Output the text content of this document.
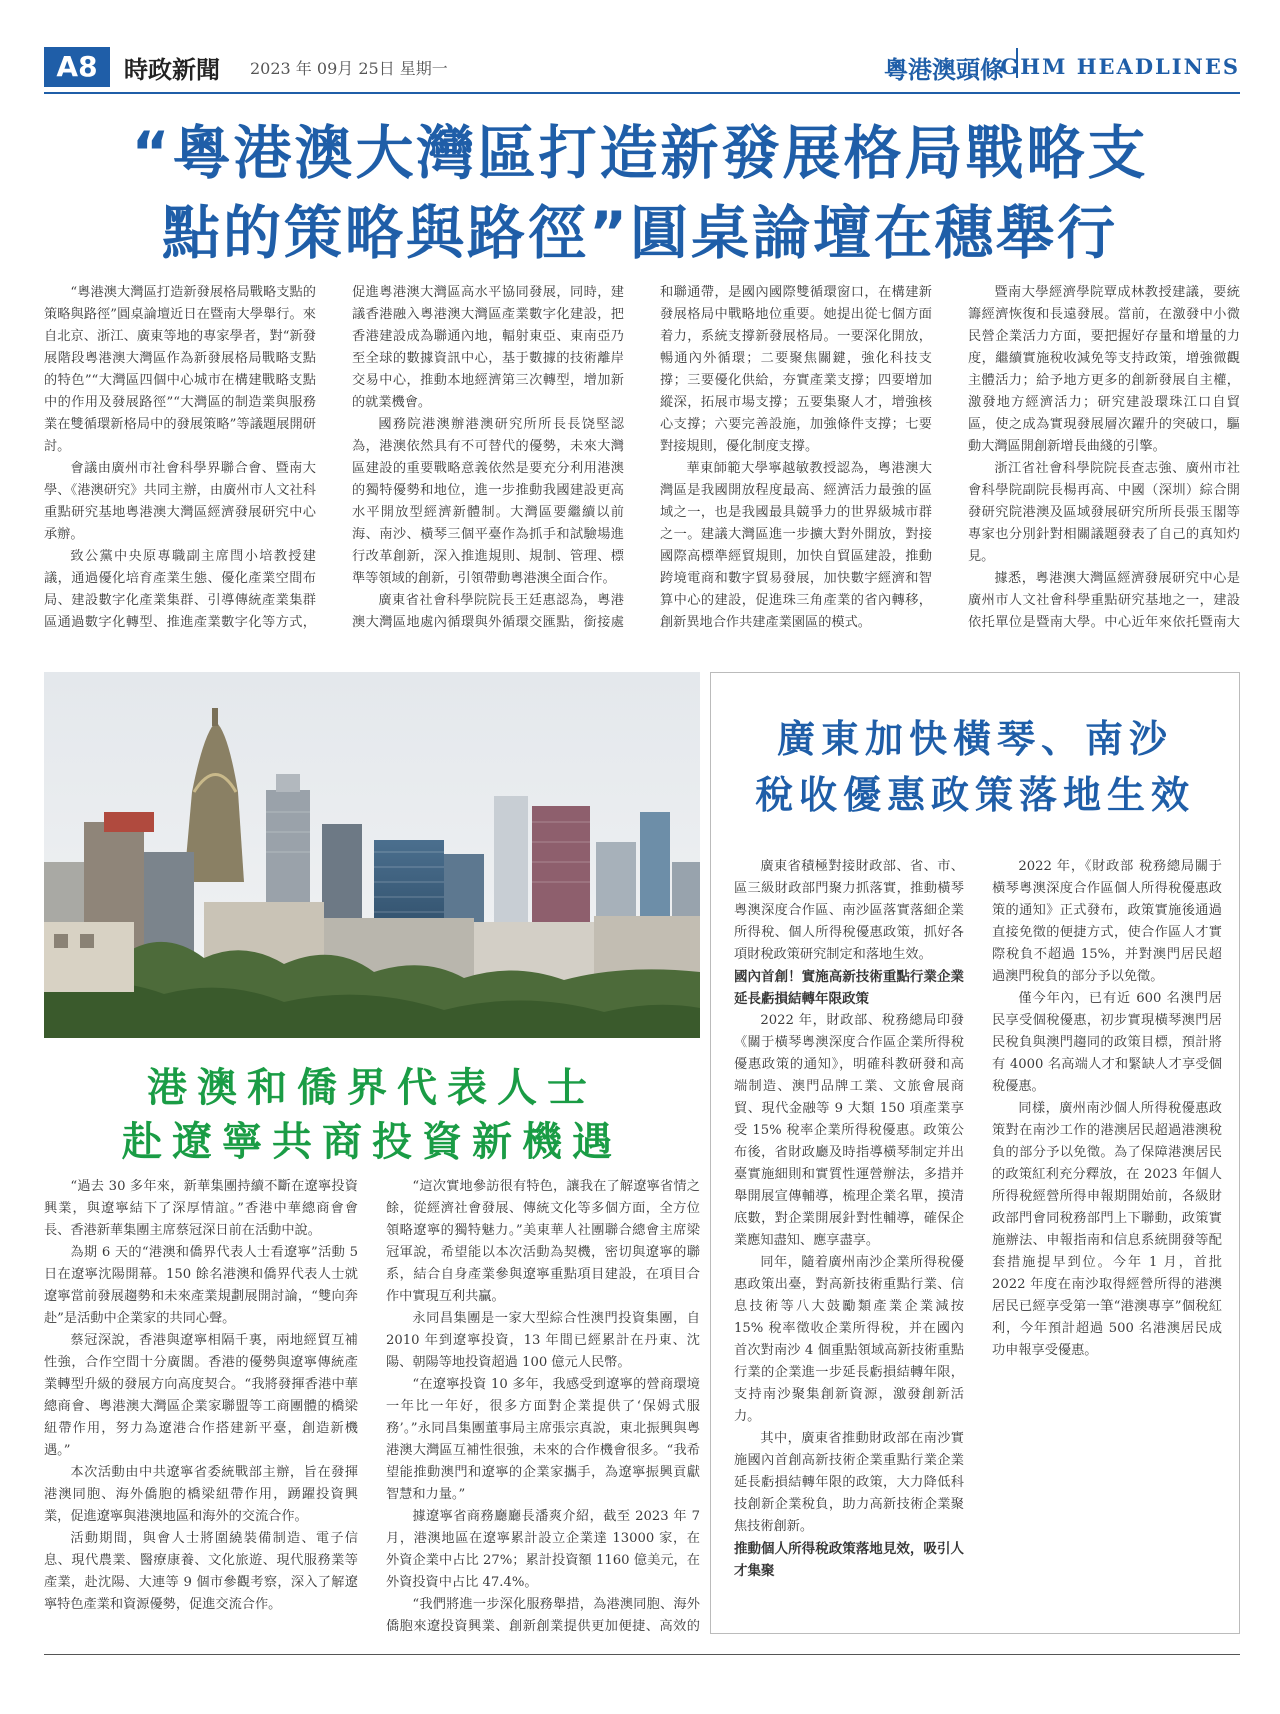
A8	時政新聞 2023 年 09月 25日 星期一	粵港澳頭條
GHM HEADLINES
“粵港澳大灣區打造新發展格局戰略支
點的策略與路徑”圓桌論壇在穗舉行

“粵港澳大灣區打造新發展格局戰略支點的策略與路徑”圓桌論壇近日在暨南大學舉行。來自北京、浙江、廣東等地的專家學者，對“新發展階段粵港澳大灣區作為新發展格局戰略支點的特色”“大灣區四個中心城市在構建戰略支點中的作用及發展路徑”“大灣區的制造業與服務業在雙循環新格局中的發展策略”等議題展開研討。

會議由廣州市社會科學界聯合會、暨南大學、《港澳研究》共同主辦，由廣州市人文社科重點研究基地粵港澳大灣區經濟發展研究中心承辦。

致公黨中央原專職副主席閆小培教授建議，通過優化培育產業生態、優化產業空間布局、建設數字化產業集群、引導傳統產業集群區通過數字化轉型、推進產業數字化等方式，促進粵港澳大灣區高水平協同發展，同時，建議香港融入粵港澳大灣區產業數字化建設，把香港建設成為聯通內地，輻射東亞、東南亞乃至全球的數據資訊中心，基于數據的技術離岸交易中心，推動本地經濟第三次轉型，增加新的就業機會。

國務院港澳辦港澳研究所所長長饶堅認為，港澳依然具有不可替代的優勢，未來大灣區建設的重要戰略意義依然是要充分利用港澳的獨特優勢和地位，進一步推動我國建設更高水平開放型經濟新體制。大灣區要繼續以前海、南沙、橫琴三個平臺作為抓手和試驗場進行改革創新，深入推進規則、規制、管理、標準等領域的創新，引領帶動粵港澳全面合作。

廣東省社會科學院院長王廷惠認為，粵港澳大灣區地處內循環與外循環交匯點，銜接處和聯通帶，是國內國際雙循環窗口，在構建新發展格局中戰略地位重要。她提出從七個方面着力，系統支撐新發展格局。一要深化開放，暢通內外循環；二要聚焦關鍵，強化科技支撐；三要優化供給，夯實產業支撐；四要增加縱深，拓展市場支撐；五要集聚人才，增強核心支撐；六要完善設施，加強條件支撐；七要對接規則，優化制度支撐。

華東師範大學寧越敏教授認為，粵港澳大灣區是我國開放程度最高、經濟活力最強的區域之一，也是我國最具競爭力的世界級城市群之一。建議大灣區進一步擴大對外開放，對接國際高標準經貿規則，加快自貿區建設，推動跨境電商和數字貿易發展，加快數字經濟和智算中心的建設，促進珠三角產業的省內轉移，創新異地合作共建產業園區的模式。

暨南大學經濟學院覃成林教授建議，要統籌經濟恢復和長遠發展。當前，在激發中小微民營企業活力方面，要把握好存量和增量的力度，繼續實施稅收減免等支持政策，增強微觀主體活力；給予地方更多的創新發展自主權，激發地方經濟活力；研究建設環珠江口自貿區，使之成為實現發展層次躍升的突破口，驅動大灣區開創新增長曲綫的引擎。

浙江省社會科學院院長查志強、廣州市社會科學院副院長楊再高、中國（深圳）綜合開發研究院港澳及區域發展研究所所長張玉閣等專家也分別針對相關議題發表了自己的真知灼見。

據悉，粵港澳大灣區經濟發展研究中心是廣州市人文社會科學重點研究基地之一，建設依托單位是暨南大學。中心近年來依托暨南大

港澳和僑界代表人士
赴遼寧共商投資新機遇

“過去 30 多年來，新華集團持續不斷在遼寧投資興業，與遼寧結下了深厚情誼。”香港中華總商會會長、香港新華集團主席蔡冠深日前在活動中說。

為期 6 天的“港澳和僑界代表人士看遼寧”活動 5 日在遼寧沈陽開幕。150 餘名港澳和僑界代表人士就遼寧當前發展趨勢和未來產業規劃展開討論，“雙向奔赴”是活動中企業家的共同心聲。

蔡冠深說，香港與遼寧相隔千裏，兩地經貿互補性強，合作空間十分廣闊。香港的優勢與遼寧傳統產業轉型升級的發展方向高度契合。“我將發揮香港中華總商會、粵港澳大灣區企業家聯盟等工商團體的橋梁紐帶作用，努力為遼港合作搭建新平臺，創造新機遇。”

本次活動由中共遼寧省委統戰部主辦，旨在發揮港澳同胞、海外僑胞的橋梁紐帶作用，踴躍投資興業，促進遼寧與港澳地區和海外的交流合作。

活動期間，與會人士將圍繞裝備制造、電子信息、現代農業、醫療康養、文化旅遊、現代服務業等產業，赴沈陽、大連等 9 個市參觀考察，深入了解遼寧特色產業和資源優勢，促進交流合作。

“這次實地參訪很有特色，讓我在了解遼寧省情之餘，從經濟社會發展、傳統文化等多個方面，全方位領略遼寧的獨特魅力。”美東華人社團聯合總會主席梁冠軍說，希望能以本次活動為契機，密切與遼寧的聯系，結合自身產業參與遼寧重點項目建設，在項目合作中實現互利共贏。

永同昌集團是一家大型綜合性澳門投資集團，自 2010 年到遼寧投資，13 年間已經累計在丹東、沈陽、朝陽等地投資超過 100 億元人民幣。

“在遼寧投資 10 多年，我感受到遼寧的營商環境一年比一年好，很多方面對企業提供了‘保姆式服務’。”永同昌集團董事局主席張宗真說，東北振興與粵港澳大灣區互補性很強，未來的合作機會很多。“我希望能推動澳門和遼寧的企業家攜手，為遼寧振興貢獻智慧和力量。”

據遼寧省商務廳廳長潘爽介紹，截至 2023 年 7 月，港澳地區在遼寧累計設立企業達 13000 家，在外資企業中占比 27%；累計投資額 1160 億美元，在外資投資中占比 47.4%。

“我們將進一步深化服務舉措，為港澳同胞、海外僑胞來遼投資興業、創新創業提供更加便捷、高效的

廣東加快橫琴、南沙
稅收優惠政策落地生效

廣東省積極對接財政部、省、市、區三級財政部門聚力抓落實，推動橫琴粵澳深度合作區、南沙區落實落細企業所得稅、個人所得稅優惠政策，抓好各項財稅政策研究制定和落地生效。

國內首創！實施高新技術重點行業企業延長虧損結轉年限政策

2022 年，財政部、稅務總局印發《關于橫琴粵澳深度合作區企業所得稅優惠政策的通知》，明確科教研發和高端制造、澳門品牌工業、文旅會展商貿、現代金融等 9 大類 150 項產業享受 15% 稅率企業所得稅優惠。政策公布後，省財政廳及時指導橫琴制定并出臺實施細則和實質性運營辦法，多措并舉開展宣傳輔導，梳理企業名單，摸清底數，對企業開展針對性輔導，確保企業應知盡知、應享盡享。

同年，隨着廣州南沙企業所得稅優惠政策出臺，對高新技術重點行業、信息技術等八大鼓勵類產業企業減按 15% 稅率徵收企業所得稅，并在國內首次對南沙 4 個重點領域高新技術重點行業的企業進一步延長虧損結轉年限，支持南沙聚集創新資源，激發創新活力。

其中，廣東省推動財政部在南沙實施國內首創高新技術企業重點行業企業延長虧損結轉年限的政策，大力降低科技創新企業稅負，助力高新技術企業聚焦技術創新。

推動個人所得稅政策落地見效，吸引人才集聚

2022 年，《財政部 稅務總局關于橫琴粵澳深度合作區個人所得稅優惠政策的通知》正式發布，政策實施後通過直接免徵的便捷方式，使合作區人才實際稅負不超過 15%，并對澳門居民超過澳門稅負的部分予以免徵。

僅今年內，已有近 600 名澳門居民享受個稅優惠，初步實現橫琴澳門居民稅負與澳門趨同的政策目標，預計將有 4000 名高端人才和緊缺人才享受個稅優惠。

同樣，廣州南沙個人所得稅優惠政策對在南沙工作的港澳居民超過港澳稅負的部分予以免徵。為了保障港澳居民的政策紅利充分釋放，在 2023 年個人所得稅經營所得申報期開始前，各級財政部門會同稅務部門上下聯動，政策實施辦法、申報指南和信息系統開發等配套措施提早到位。今年 1 月，首批 2022 年度在南沙取得經營所得的港澳居民已經享受第一筆“港澳專享”個稅紅利，今年預計超過 500 名港澳居民成功申報享受優惠。
